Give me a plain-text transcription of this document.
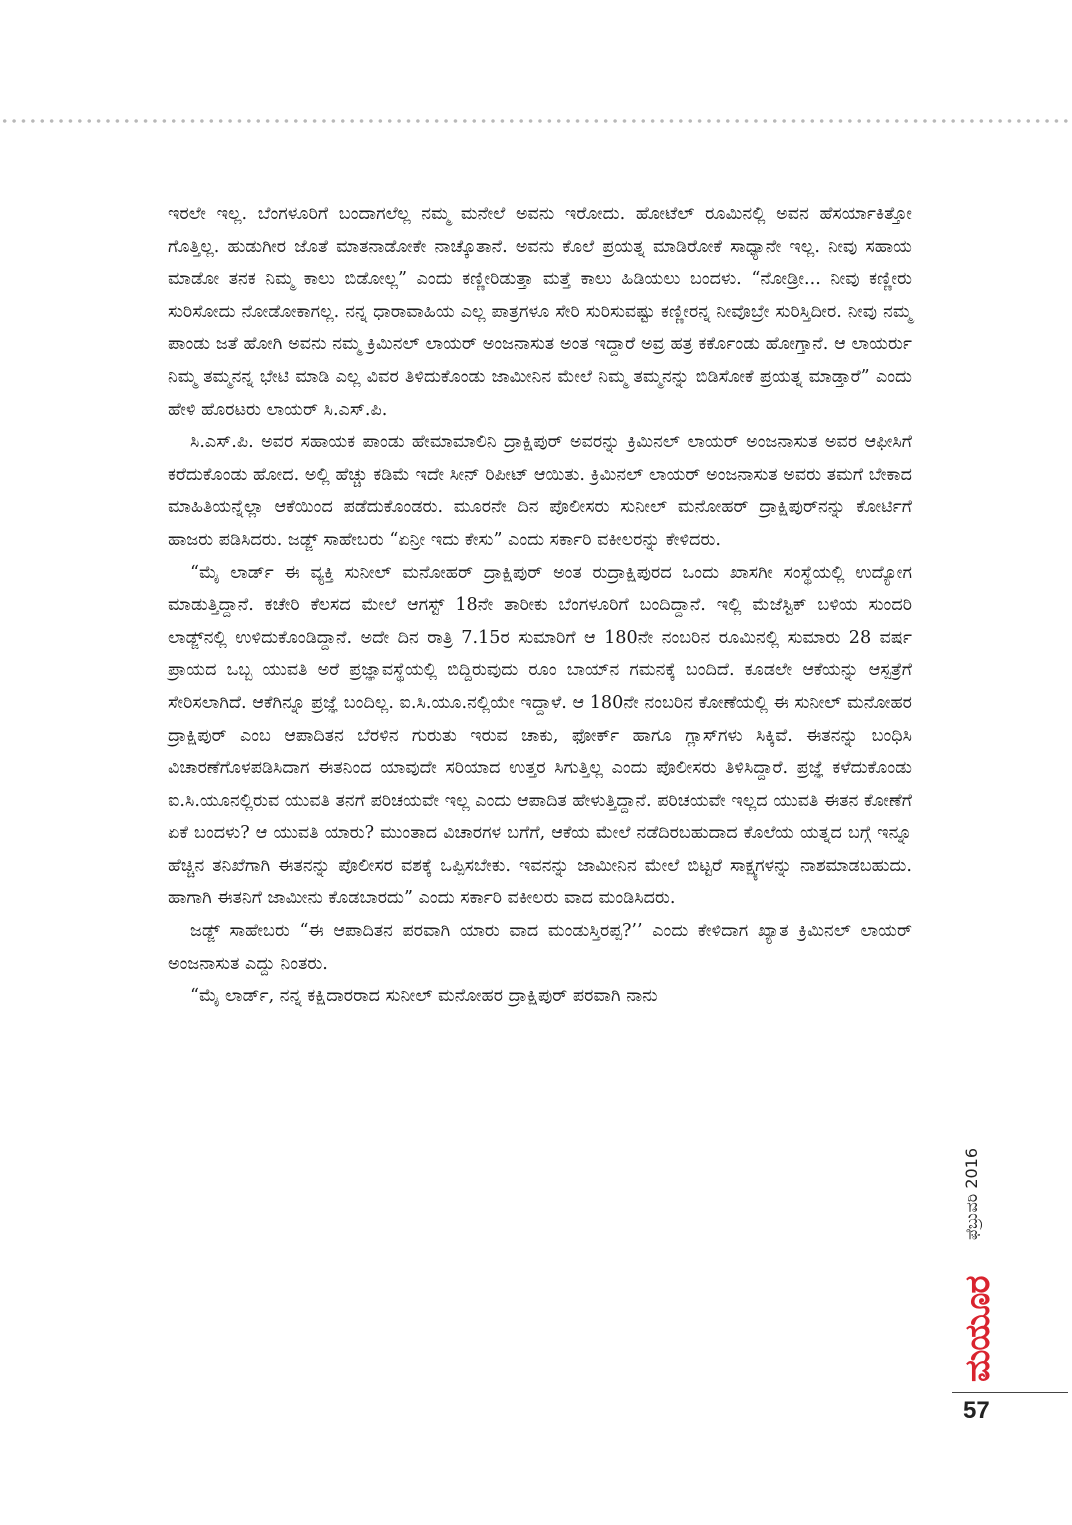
ಇರಲೇ ಇಲ್ಲ. ಬೆಂಗಳೂರಿಗೆ ಬಂದಾಗಲೆಲ್ಲ ನಮ್ಮ ಮನೇಲೆ ಅವನು ಇರೋದು. ಹೋಟೆಲ್ ರೂಮಿನಲ್ಲಿ ಅವನ ಹೆಸರ್ಯಾಕಿತ್ತೋ ಗೊತ್ತಿಲ್ಲ. ಹುಡುಗೀರ ಜೊತೆ ಮಾತನಾಡೋಕೇ ನಾಚ್ಕೊತಾನೆ. ಅವನು ಕೊಲೆ ಪ್ರಯತ್ನ ಮಾಡಿರೋಕೆ ಸಾಧ್ಯಾನೇ ಇಲ್ಲ. ನೀವು ಸಹಾಯ ಮಾಡೋ ತನಕ ನಿಮ್ಮ ಕಾಲು ಬಿಡೋಲ್ಲ” ಎಂದು ಕಣ್ಣೀರಿಡುತ್ತಾ ಮತ್ತೆ ಕಾಲು ಹಿಡಿಯಲು ಬಂದಳು. “ನೋಡ್ರೀ... ನೀವು ಕಣ್ಣೀರು ಸುರಿಸೋದು ನೋಡೋಕಾಗಲ್ಲ. ನನ್ನ ಧಾರಾವಾಹಿಯ ಎಲ್ಲ ಪಾತ್ರಗಳೂ ಸೇರಿ ಸುರಿಸುವಷ್ಟು ಕಣ್ಣೀರನ್ನ ನೀವೊಬ್ರೇ ಸುರಿಸ್ತಿದೀರ. ನೀವು ನಮ್ಮ ಪಾಂಡು ಜತೆ ಹೋಗಿ ಅವನು ನಮ್ಮ ಕ್ರಿಮಿನಲ್ ಲಾಯರ್ ಅಂಜನಾಸುತ ಅಂತ ಇದ್ದಾರೆ ಅವ್ರ ಹತ್ರ ಕರ್ಕೊಂಡು ಹೋಗ್ತಾನೆ. ಆ ಲಾಯರ್ರು ನಿಮ್ಮ ತಮ್ಮನನ್ನ ಭೇಟಿ ಮಾಡಿ ಎಲ್ಲ ವಿವರ ತಿಳಿದುಕೊಂಡು ಜಾಮೀನಿನ ಮೇಲೆ ನಿಮ್ಮ ತಮ್ಮನನ್ನು ಬಿಡಿಸೋಕೆ ಪ್ರಯತ್ನ ಮಾಡ್ತಾರೆ” ಎಂದು ಹೇಳಿ ಹೊರಟರು ಲಾಯರ್ ಸಿ.ಎಸ್.ಪಿ.

ಸಿ.ಎಸ್.ಪಿ. ಅವರ ಸಹಾಯಕ ಪಾಂಡು ಹೇಮಾಮಾಲಿನಿ ದ್ರಾಕ್ಷಿಪುರ್ ಅವರನ್ನು ಕ್ರಿಮಿನಲ್ ಲಾಯರ್ ಅಂಜನಾಸುತ ಅವರ ಆಫೀಸಿಗೆ ಕರೆದುಕೊಂಡು ಹೋದ. ಅಲ್ಲಿ ಹೆಚ್ಚು ಕಡಿಮೆ ಇದೇ ಸೀನ್ ರಿಪೀಟ್ ಆಯಿತು. ಕ್ರಿಮಿನಲ್ ಲಾಯರ್ ಅಂಜನಾಸುತ ಅವರು ತಮಗೆ ಬೇಕಾದ ಮಾಹಿತಿಯನ್ನೆಲ್ಲಾ ಆಕೆಯಿಂದ ಪಡೆದುಕೊಂಡರು. ಮೂರನೇ ದಿನ ಪೊಲೀಸರು ಸುನೀಲ್ ಮನೋಹರ್ ದ್ರಾಕ್ಷಿಪುರ್‌ನನ್ನು ಕೋರ್ಟಿಗೆ ಹಾಜರು ಪಡಿಸಿದರು. ಜಡ್ಜ್ ಸಾಹೇಬರು “ಏನ್ರೀ ಇದು ಕೇಸು” ಎಂದು ಸರ್ಕಾರಿ ವಕೀಲರನ್ನು ಕೇಳಿದರು.

“ಮೈ ಲಾರ್ಡ್ ಈ ವ್ಯಕ್ತಿ ಸುನೀಲ್ ಮನೋಹರ್ ದ್ರಾಕ್ಷಿಪುರ್ ಅಂತ ರುದ್ರಾಕ್ಷಿಪುರದ ಒಂದು ಖಾಸಗೀ ಸಂಸ್ಥೆಯಲ್ಲಿ ಉದ್ಯೋಗ ಮಾಡುತ್ತಿದ್ದಾನೆ. ಕಚೇರಿ ಕೆಲಸದ ಮೇಲೆ ಆಗಸ್ಟ್ 18ನೇ ತಾರೀಕು ಬೆಂಗಳೂರಿಗೆ ಬಂದಿದ್ದಾನೆ. ಇಲ್ಲಿ ಮೆಜೆಸ್ಟಿಕ್ ಬಳಿಯ ಸುಂದರಿ ಲಾಡ್ಜ್‌ನಲ್ಲಿ ಉಳಿದುಕೊಂಡಿದ್ದಾನೆ. ಅದೇ ದಿನ ರಾತ್ರಿ 7.15ರ ಸುಮಾರಿಗೆ ಆ 180ನೇ ನಂಬರಿನ ರೂಮಿನಲ್ಲಿ ಸುಮಾರು 28 ವರ್ಷ ಪ್ರಾಯದ ಒಬ್ಬ ಯುವತಿ ಅರೆ ಪ್ರಜ್ಞಾವಸ್ಥೆಯಲ್ಲಿ ಬಿದ್ದಿರುವುದು ರೂಂ ಬಾಯ್‌ನ ಗಮನಕ್ಕೆ ಬಂದಿದೆ. ಕೂಡಲೇ ಆಕೆಯನ್ನು ಆಸ್ಪತ್ರೆಗೆ ಸೇರಿಸಲಾಗಿದೆ. ಆಕೆಗಿನ್ನೂ ಪ್ರಜ್ಞೆ ಬಂದಿಲ್ಲ. ಐ.ಸಿ.ಯೂ.ನಲ್ಲಿಯೇ ಇದ್ದಾಳೆ. ಆ 180ನೇ ನಂಬರಿನ ಕೋಣೆಯಲ್ಲಿ ಈ ಸುನೀಲ್ ಮನೋಹರ ದ್ರಾಕ್ಷಿಪುರ್ ಎಂಬ ಆಪಾದಿತನ ಬೆರಳಿನ ಗುರುತು ಇರುವ ಚಾಕು, ಫೋರ್ಕ್ ಹಾಗೂ ಗ್ಲಾಸ್‌ಗಳು ಸಿಕ್ಕಿವೆ. ಈತನನ್ನು ಬಂಧಿಸಿ ವಿಚಾರಣೆಗೊಳಪಡಿಸಿದಾಗ ಈತನಿಂದ ಯಾವುದೇ ಸರಿಯಾದ ಉತ್ತರ ಸಿಗುತ್ತಿಲ್ಲ ಎಂದು ಪೊಲೀಸರು ತಿಳಿಸಿದ್ದಾರೆ. ಪ್ರಜ್ಞೆ ಕಳೆದುಕೊಂಡು ಐ.ಸಿ.ಯೂನಲ್ಲಿರುವ ಯುವತಿ ತನಗೆ ಪರಿಚಯವೇ ಇಲ್ಲ ಎಂದು ಆಪಾದಿತ ಹೇಳುತ್ತಿದ್ದಾನೆ. ಪರಿಚಯವೇ ಇಲ್ಲದ ಯುವತಿ ಈತನ ಕೋಣೆಗೆ ಏಕೆ ಬಂದಳು? ಆ ಯುವತಿ ಯಾರು? ಮುಂತಾದ ವಿಚಾರಗಳ ಬಗೆಗೆ, ಆಕೆಯ ಮೇಲೆ ನಡೆದಿರಬಹುದಾದ ಕೊಲೆಯ ಯತ್ನದ ಬಗ್ಗೆ ಇನ್ನೂ ಹೆಚ್ಚಿನ ತನಿಖೆಗಾಗಿ ಈತನನ್ನು ಪೊಲೀಸರ ವಶಕ್ಕೆ ಒಪ್ಪಿಸಬೇಕು. ಇವನನ್ನು ಜಾಮೀನಿನ ಮೇಲೆ ಬಿಟ್ಟರೆ ಸಾಕ್ಷ್ಯಗಳನ್ನು ನಾಶಮಾಡಬಹುದು. ಹಾಗಾಗಿ ಈತನಿಗೆ ಜಾಮೀನು ಕೊಡಬಾರದು” ಎಂದು ಸರ್ಕಾರಿ ವಕೀಲರು ವಾದ ಮಂಡಿಸಿದರು.

ಜಡ್ಜ್ ಸಾಹೇಬರು “ಈ ಆಪಾದಿತನ ಪರವಾಗಿ ಯಾರು ವಾದ ಮಂಡುಸ್ತಿರಪ್ಪ?’’ ಎಂದು ಕೇಳಿದಾಗ ಖ್ಯಾತ ಕ್ರಿಮಿನಲ್ ಲಾಯರ್ ಅಂಜನಾಸುತ ಎದ್ದು ನಿಂತರು.

“ಮೈ ಲಾರ್ಡ್, ನನ್ನ ಕಕ್ಷಿದಾರರಾದ ಸುನೀಲ್ ಮನೋಹರ ದ್ರಾಕ್ಷಿಪುರ್ ಪರವಾಗಿ ನಾನು

ಫೆಬ್ರುವರಿ 2016
ಮಯೂರ
57
